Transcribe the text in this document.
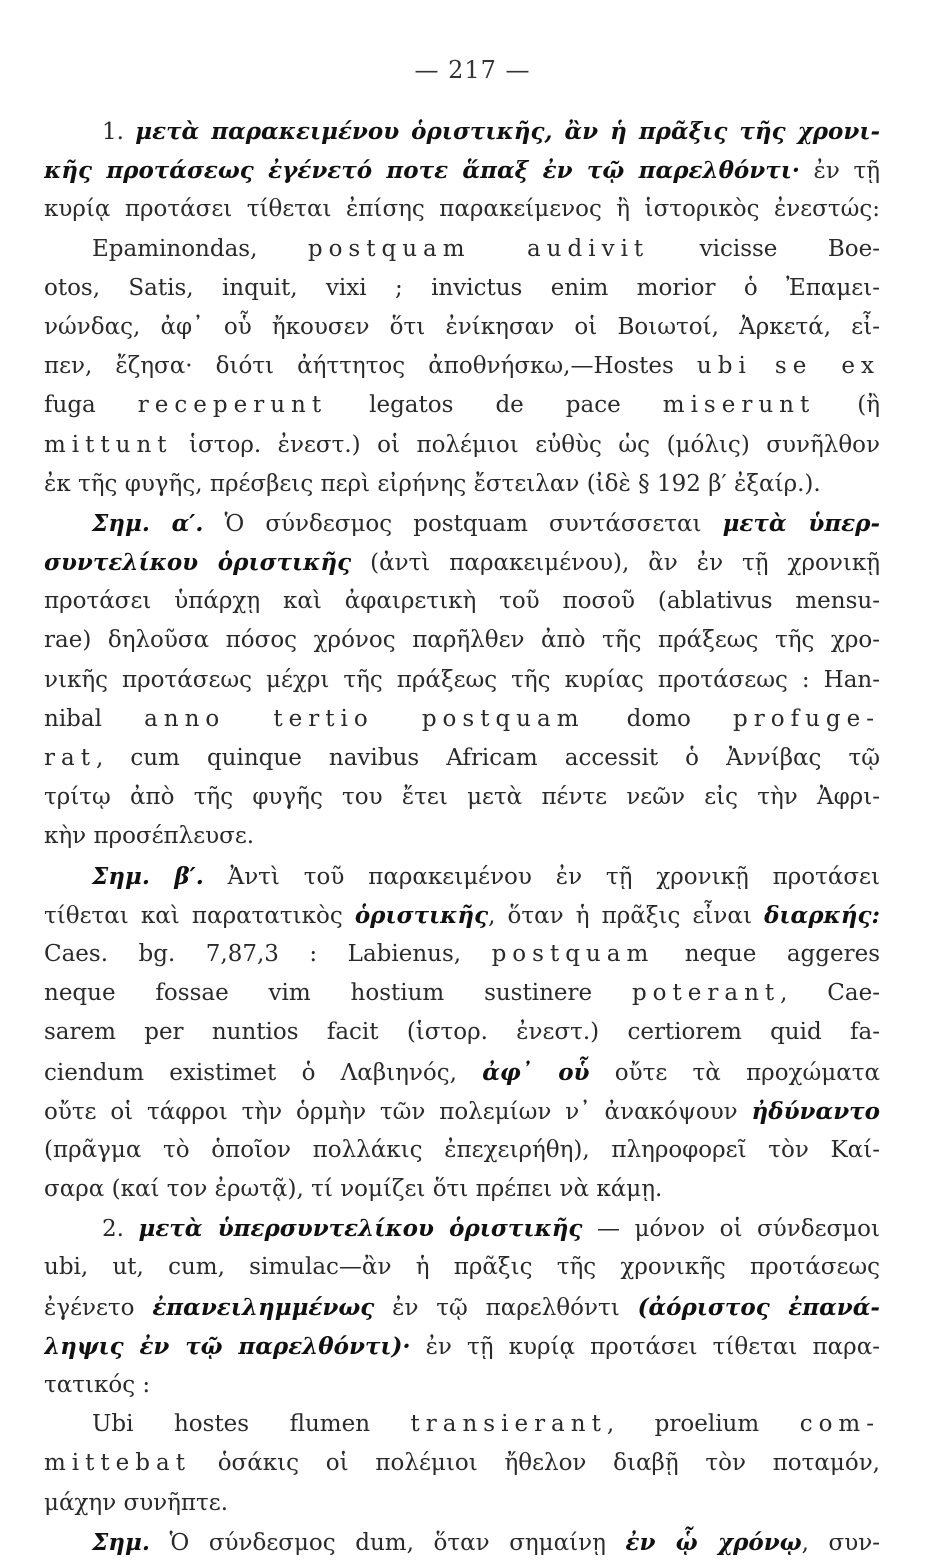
— 217 —
1. μετὰ παρακειμένου ὁριστικῆς, ἂν ἡ πρᾶξις τῆς χρονι-
κῆς προτάσεως ἐγένετό ποτε ἅπαξ ἐν τῷ παρελθόντι· ἐν τῇ
κυρίᾳ προτάσει τίθεται ἐπίσης παρακείμενος ἢ ἱστορικὸς ἐνεστώς:
Epaminondas, postquam audivit vicisse Boe-
otos, Satis, inquit, vixi ; invictus enim morior ὁ Ἐπαμει-
νώνδας, ἀφ᾽ οὗ ἤκουσεν ὅτι ἐνίκησαν οἱ Βοιωτοί, Ἀρκετά, εἶ-
πεν, ἔζησα· διότι ἀήττητος ἀποθνήσκω,—Hostes ubi se ex
fuga receperunt legatos de pace miserunt (ἢ
mittunt ἱστορ. ἐνεστ.) οἱ πολέμιοι εὐθὺς ὡς (μόλις) συνῆλθον
ἐκ τῆς φυγῆς, πρέσβεις περὶ εἰρήνης ἔστειλαν (ἰδὲ § 192 β′ ἐξαίρ.).
Σημ. α′. Ὁ σύνδεσμος postquam συντάσσεται μετὰ ὑπερ-
συντελίκου ὁριστικῆς (ἀντὶ παρακειμένου), ἂν ἐν τῇ χρονικῇ
προτάσει ὑπάρχῃ καὶ ἀφαιρετικὴ τοῦ ποσοῦ (ablativus mensu-
rae) δηλοῦσα πόσος χρόνος παρῆλθεν ἀπὸ τῆς πράξεως τῆς χρο-
νικῆς προτάσεως μέχρι τῆς πράξεως τῆς κυρίας προτάσεως : Han-
nibal anno tertio postquam domo profuge-
rat, cum quinque navibus Africam accessit ὁ Ἀννίβας τῷ
τρίτῳ ἀπὸ τῆς φυγῆς του ἔτει μετὰ πέντε νεῶν εἰς τὴν Ἀφρι-
κὴν προσέπλευσε.
Σημ. β′. Ἀντὶ τοῦ παρακειμένου ἐν τῇ χρονικῇ προτάσει
τίθεται καὶ παρατατικὸς ὁριστικῆς, ὅταν ἡ πρᾶξις εἶναι διαρκής:
Caes. bg. 7,87,3 : Labienus, postquam neque aggeres
neque fossae vim hostium sustinere poterant, Cae-
sarem per nuntios facit (ἱστορ. ἐνεστ.) certiorem quid fa-
ciendum existimet ὁ Λαβιηνός, ἀφ᾽ οὗ οὔτε τὰ προχώματα
οὔτε οἱ τάφροι τὴν ὁρμὴν τῶν πολεμίων ν᾽ ἀνακόψουν ἠδύναντο
(πρᾶγμα τὸ ὁποῖον πολλάκις ἐπεχειρήθη), πληροφορεῖ τὸν Καί-
σαρα (καί τον ἐρωτᾷ), τί νομίζει ὅτι πρέπει νὰ κάμῃ.
2. μετὰ ὑπερσυντελίκου ὁριστικῆς — μόνον οἱ σύνδεσμοι
ubi, ut, cum, simulac—ἂν ἡ πρᾶξις τῆς χρονικῆς προτάσεως
ἐγένετο ἐπανειλημμένως ἐν τῷ παρελθόντι (ἀόριστος ἐπανά-
ληψις ἐν τῷ παρελθόντι)· ἐν τῇ κυρίᾳ προτάσει τίθεται παρα-
τατικός :
Ubi hostes flumen transierant, proelium com-
mittebat ὁσάκις οἱ πολέμιοι ἤθελον διαβῇ τὸν ποταμόν,
μάχην συνῆπτε.
Σημ. Ὁ σύνδεσμος dum, ὅταν σημαίνῃ ἐν ᾧ χρόνῳ, συν-
